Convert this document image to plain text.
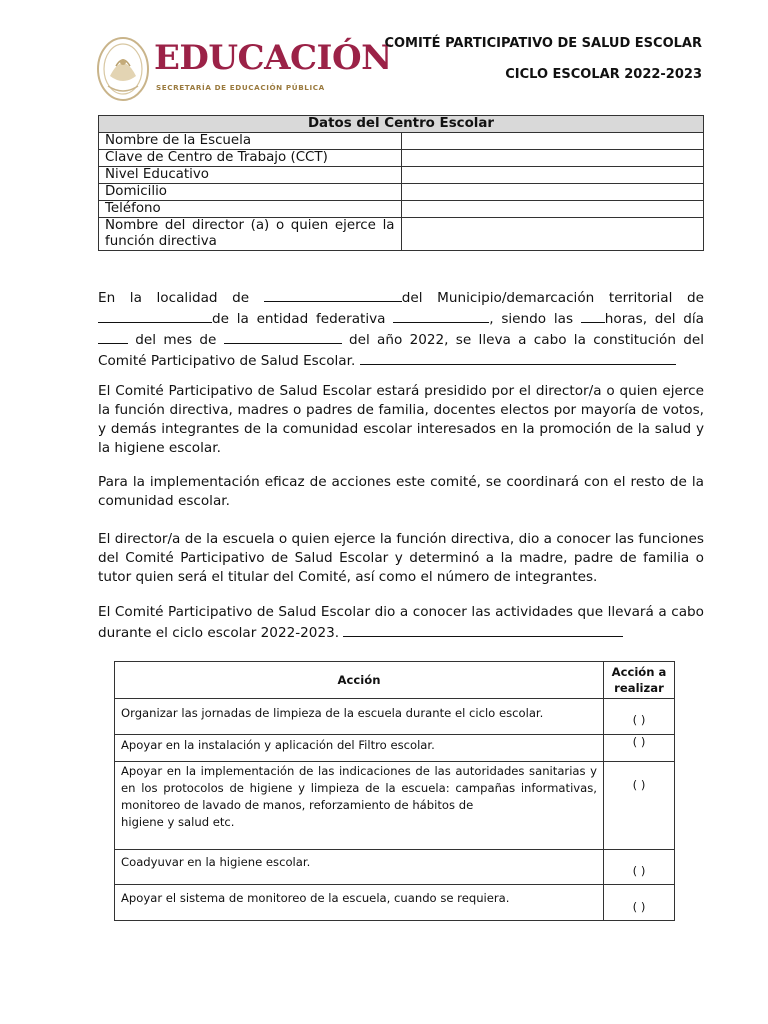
EDUCACIÓN
SECRETARÍA DE EDUCACIÓN PÚBLICA
COMITÉ PARTICIPATIVO DE SALUD ESCOLAR
CICLO ESCOLAR 2022-2023
Datos del Centro Escolar	
Nombre de la Escuela	
Clave de Centro de Trabajo (CCT)	
Nivel Educativo	
Domicilio	
Teléfono	
Nombre del director (a) o quien ejerce la función directiva	

En la localidad de	del Municipio/demarcación territorial dede la entidad federativa	, siendo las horas, del día  del mes de	del año 2022, se lleva a cabo la constitución del Comité Participativo de Salud Escolar.

El Comité Participativo de Salud Escolar estará presidido por el director/a o quien ejerce la función directiva, madres o padres de familia, docentes electos por mayoría de votos, y demás integrantes de la comunidad escolar interesados en la promoción de la salud y la higiene escolar.

Para la implementación eficaz de acciones este comité, se coordinará con el resto de la comunidad escolar.

El director/a de la escuela o quien ejerce la función directiva, dio a conocer las funciones del Comité Participativo de Salud Escolar y determinó a la madre, padre de familia o tutor quien será el titular del Comité, así como el número de integrantes.

El Comité Participativo de Salud Escolar dio a conocer las actividades que llevará a cabo durante el ciclo escolar 2022-2023.

Acción	Acción a realizar
Organizar las jornadas de limpieza de la escuela durante el ciclo escolar.	( )
Apoyar en la instalación y aplicación del Filtro escolar.	( )
Apoyar en la implementación de las indicaciones de las autoridades sanitarias y en los protocolos de higiene y limpieza de la escuela: campañas informativas, monitoreo de lavado de manos, reforzamiento de hábitos de
higiene y salud etc.	( )
Coadyuvar en la higiene escolar.	( )
Apoyar el sistema de monitoreo de la escuela, cuando se requiera.	( )
